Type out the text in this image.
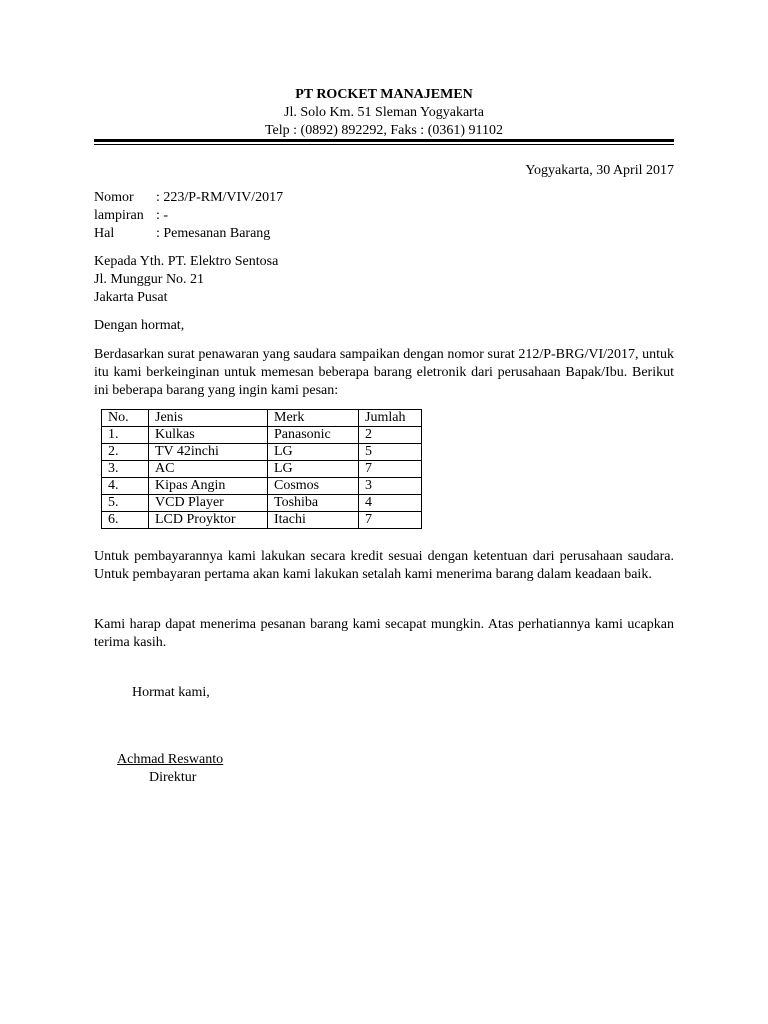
PT ROCKET MANAJEMEN
Jl. Solo Km. 51 Sleman Yogyakarta
Telp : (0892) 892292, Faks : (0361) 91102
Yogyakarta, 30 April 2017
Nomor : 223/P-RM/VIV/2017
lampiran : -
Hal	: Pemesanan Barang
Kepada Yth. PT. Elektro Sentosa
Jl. Munggur No. 21
Jakarta Pusat
Dengan hormat,
Berdasarkan surat penawaran yang saudara sampaikan dengan nomor surat 212/P-BRG/VI/2017, untuk itu kami berkeinginan untuk memesan beberapa barang eletronik dari perusahaan Bapak/Ibu. Berikut ini beberapa barang yang ingin kami pesan:
No.	Jenis	Merk	Jumlah
1.	Kulkas	Panasonic	2
2.	TV 42inchi	LG	5
3.	AC	LG	7
4.	Kipas Angin	Cosmos	3
5.	VCD Player	Toshiba	4
6.	LCD Proyktor	Itachi	7
Untuk pembayarannya kami lakukan secara kredit sesuai dengan ketentuan dari perusahaan saudara. Untuk pembayaran pertama akan kami lakukan setalah kami menerima barang dalam keadaan baik.
Kami harap dapat menerima pesanan barang kami secapat mungkin. Atas perhatiannya kami ucapkan terima kasih.
Hormat kami,
Achmad Reswanto
Direktur
